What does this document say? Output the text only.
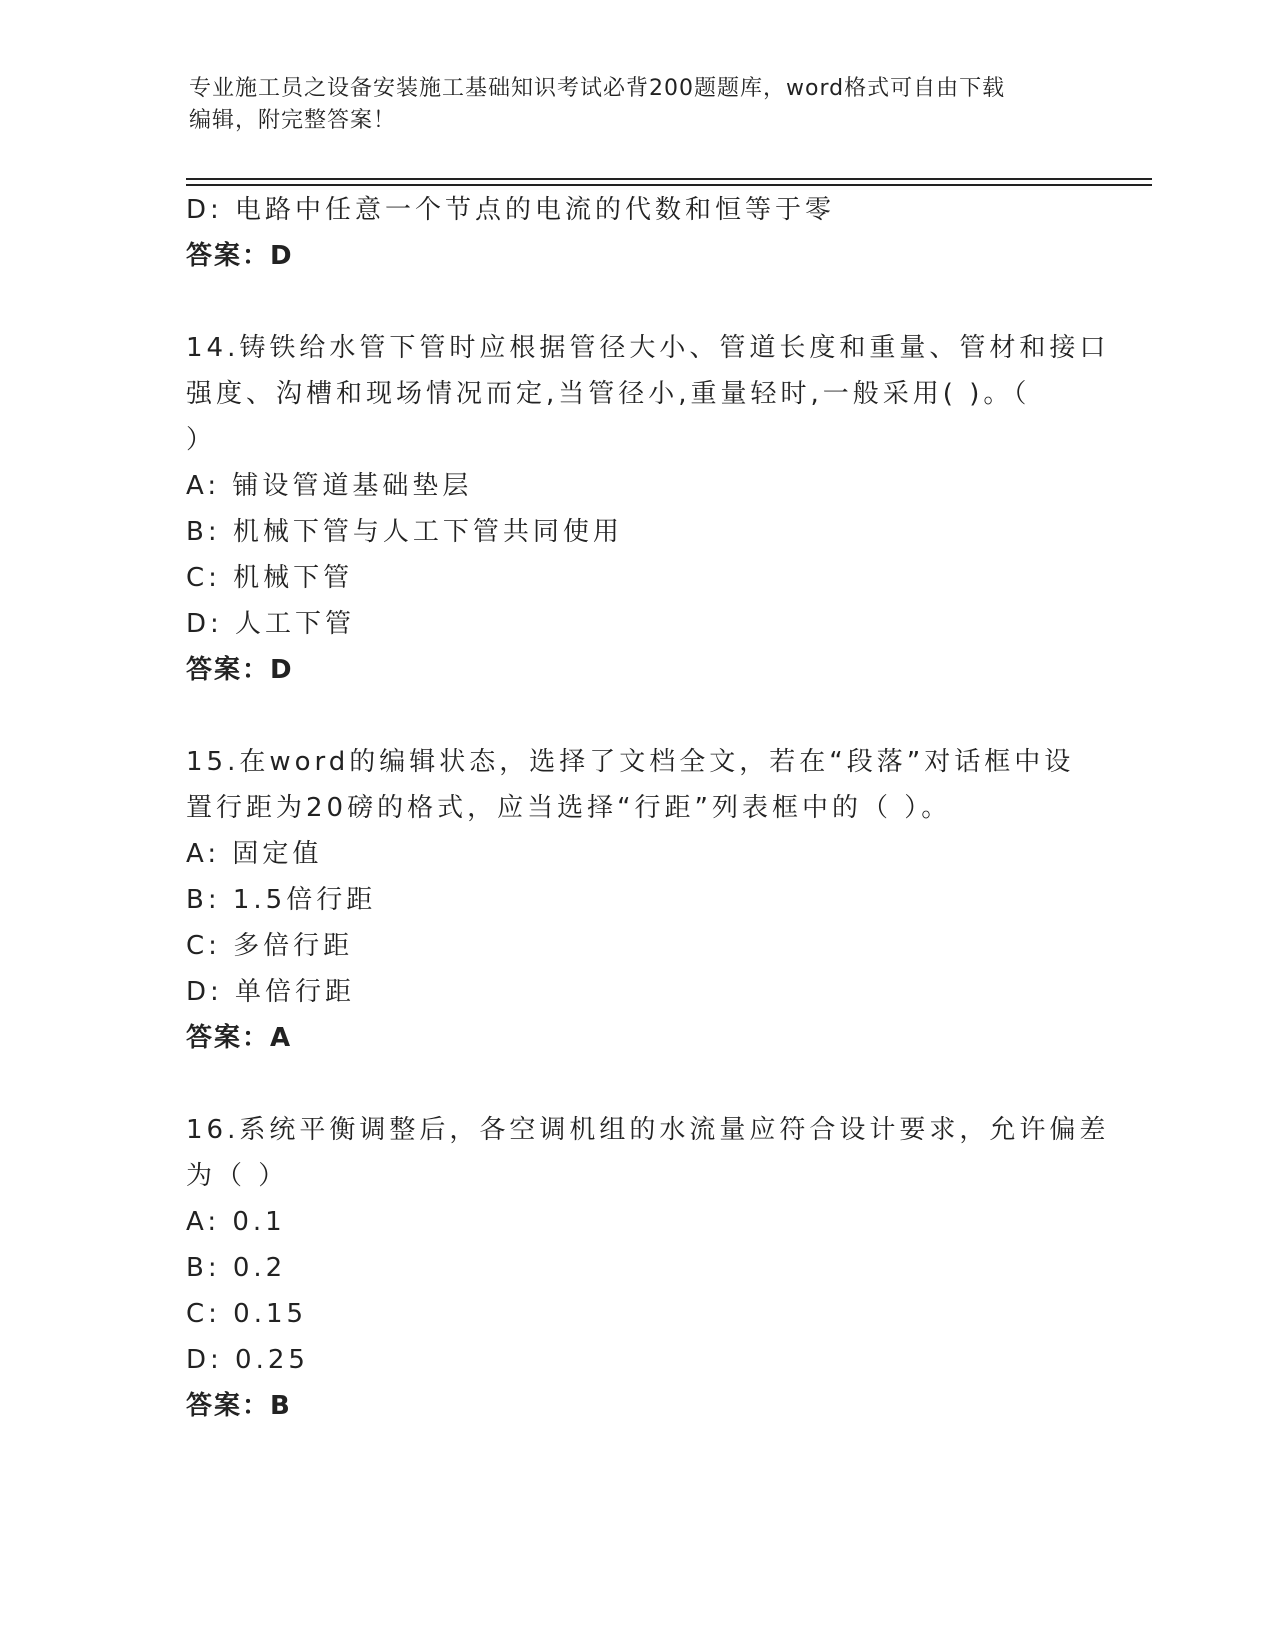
专业施工员之设备安装施工基础知识考试必背200题题库，word格式可自由下载
编辑，附完整答案！
D: 电路中任意一个节点的电流的代数和恒等于零
答案：D
14.铸铁给水管下管时应根据管径大小、管道长度和重量、管材和接口
强度、沟槽和现场情况而定,当管径小,重量轻时,一般采用( )。（
）
A: 铺设管道基础垫层
B: 机械下管与人工下管共同使用
C: 机械下管
D: 人工下管
答案：D
15.在word的编辑状态，选择了文档全文，若在“段落”对话框中设
置行距为20磅的格式，应当选择“行距”列表框中的（ ）。
A: 固定值
B: 1.5倍行距
C: 多倍行距
D: 单倍行距
答案：A
16.系统平衡调整后，各空调机组的水流量应符合设计要求，允许偏差
为（ ）
A: 0.1
B: 0.2
C: 0.15
D: 0.25
答案：B
